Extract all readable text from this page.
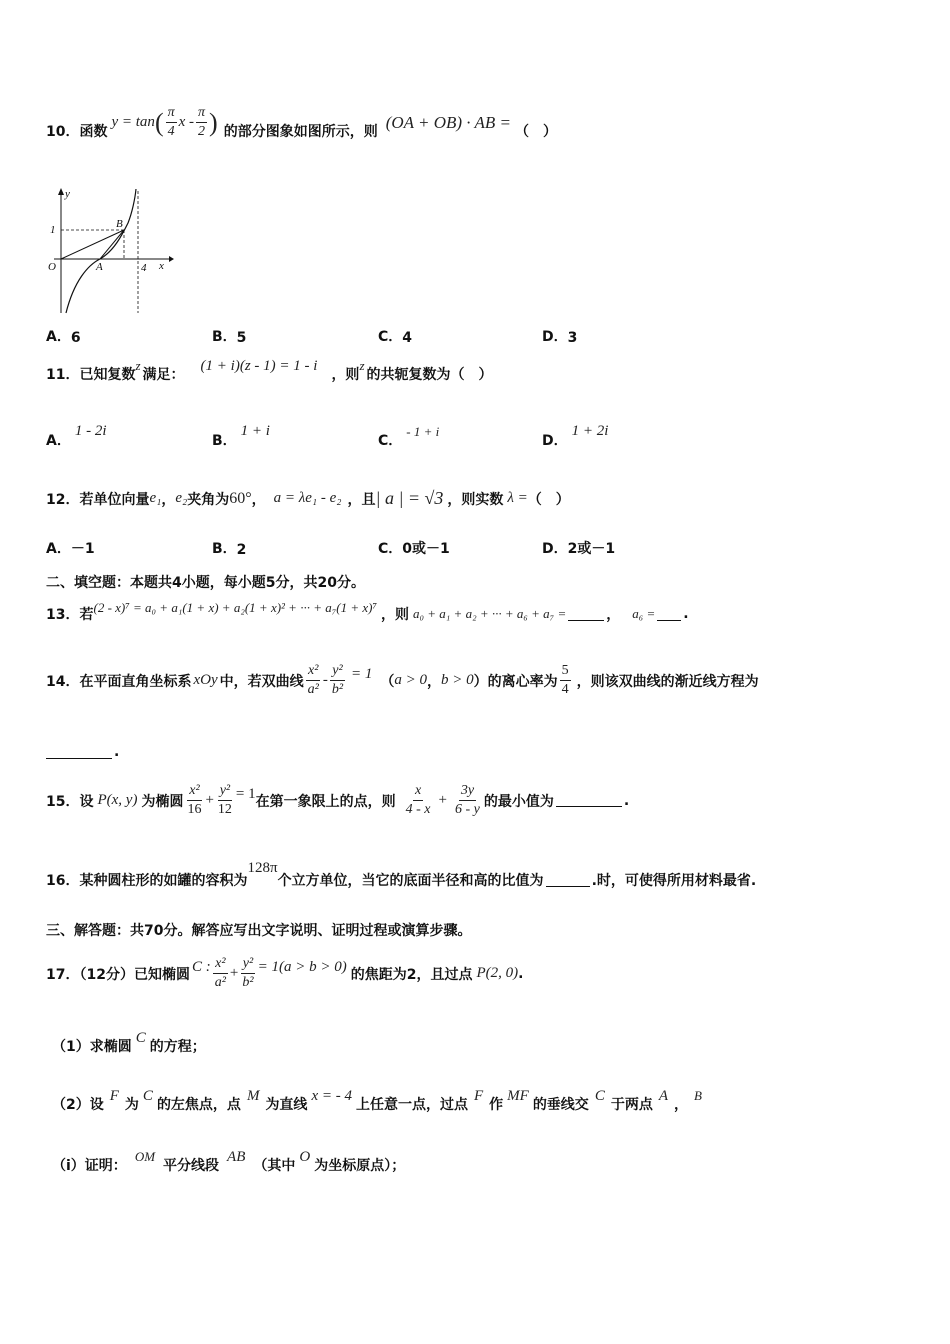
10．函数
y = tan ( $\frac{\pi}{4}$ x - $\frac{\pi}{2}$ ) 的部分图象如图所示，则 (OA + OB) · AB = （　）
y
1
O	A
B
4 x
A． 6	B． 5	C． 4	D． 3
11．已知复数
z
满足：
(1 + i)(z - 1) = 1 - i
，则
z
的共轭复数为（　）
A．
1 - 2i
B．
1 + i
C．
- 1 + i
D．
1 + 2i
12．若单位向量 e₁ ， e₂ 夹角为 60° ， a = λe₁ - e₂ ，且 | a | = √3 ，则实数 λ = （　）
A． －1	B． 2	C． 0或－1	D． 2或－1
二、填空题：本题共4小题，每小题5分，共20分。
13．若 (2 - x)⁷ = a₀ + a₁(1 + x) + a₂(1 + x)² + ··· + a₇(1 + x)⁷ ，则 a₀ + a₁ + a₂ + ··· + a₆ + a₇ =	， a₆ = .
14．在平面直角坐标系 xOy 中，若双曲线 $\frac{\text{x²}}{\text{a²}} - \frac{\text{y²}}{\text{b²}} = 1$ （ a > 0 ， b > 0 ） 的离心率为 $\frac{5}{4}$ ，则该双曲线的渐近线方程为
.
15．设 P(x, y) 为椭圆 $\frac{\text{x²}}{16} + \frac{\text{y²}}{12} = 1$ 在第一象限上的点，则 $\frac{x}{4 - x} + \frac{3y}{6 - y}$ 的最小值为	.
16．某种圆柱形的如罐的容积为
128π
个立方单位，当它的底面半径和高的比值为	.时，可使得所用材料最省.
三、解答题：共70分。解答应写出文字说明、证明过程或演算步骤。
17．（12分）已知椭圆 C : $\frac{\text{x²}}{\text{a²}} + \frac{\text{y²}}{\text{b²}} = 1(a > b > 0)$ 的焦距为2，且过点 P(2, 0) .
（1）求椭圆
C
的方程；
（2）设
F
为
C
的左焦点，点
M
为直线
x = - 4
上任意一点，过点
F
作
MF
的垂线交
C
于两点
A
，
B
（ⅰ）证明：
OM
平分线段
AB
（其中
O
为坐标原点）；
